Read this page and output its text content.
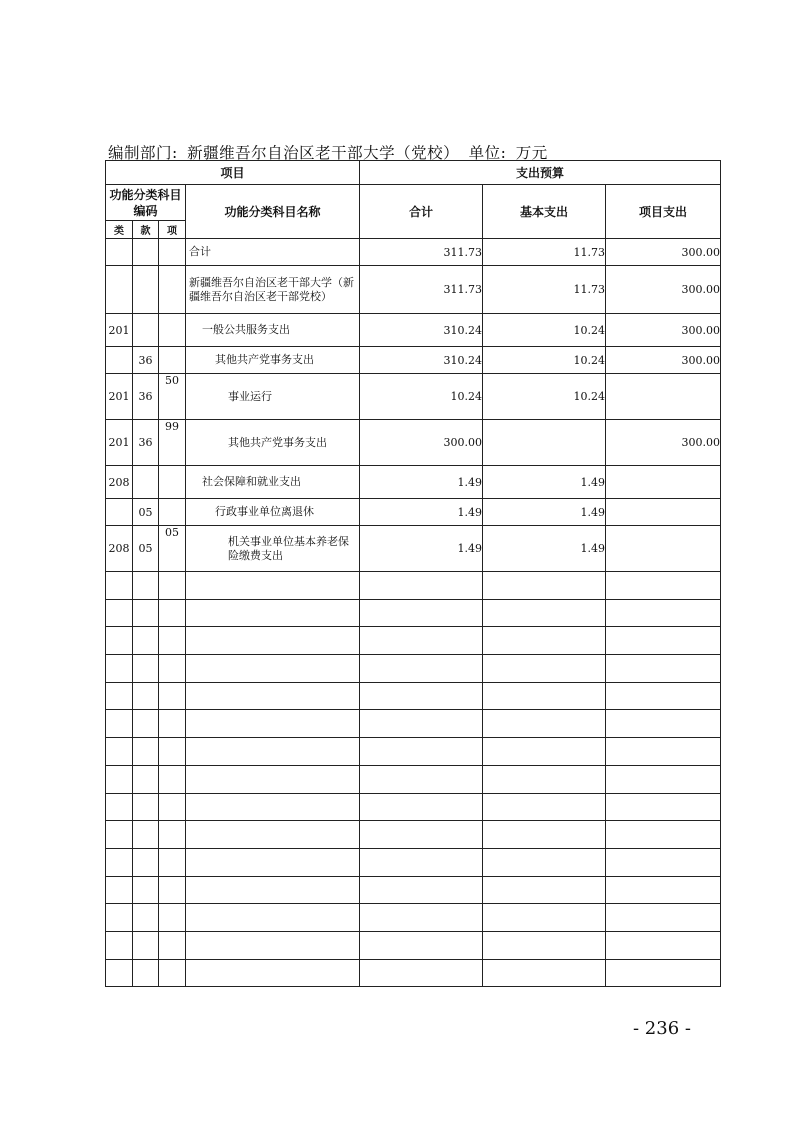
编制部门: 新疆维吾尔自治区老干部大学（党校） 单位: 万元
项目				支出预算		
功能分类科目编码			功能分类科目名称	合计	基本支出	项目支出
类	款	项				
			合计	311.73	11.73	300.00
			新疆维吾尔自治区老干部大学（新疆维吾尔自治区老干部党校）	311.73	11.73	300.00
201			一般公共服务支出	310.24	10.24	300.00
	36		其他共产党事务支出	310.24	10.24	300.00
201	36	50	事业运行	10.24	10.24	
201	36	99	其他共产党事务支出	300.00		300.00
208			社会保障和就业支出	1.49	1.49	
	05		行政事业单位离退休	1.49	1.49	
208	05	05	机关事业单位基本养老保险缴费支出	1.49	1.49	

- 236 -
